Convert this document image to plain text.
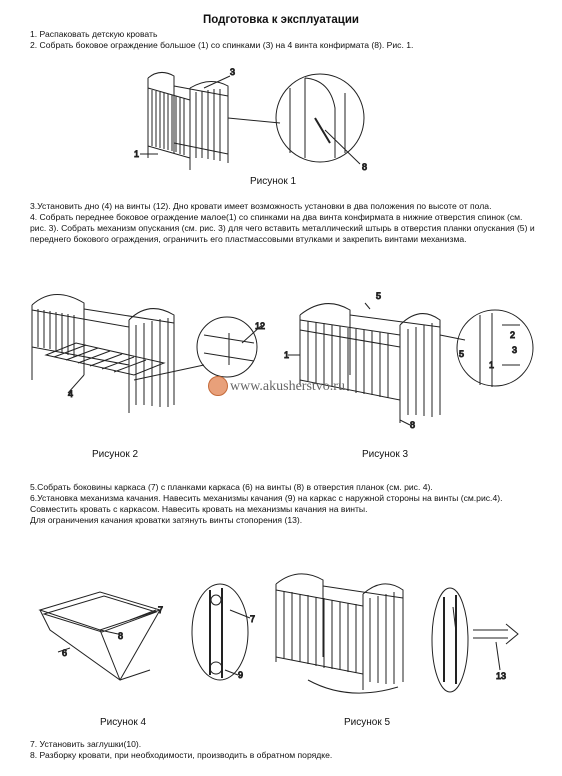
Подготовка к эксплуатации

1. Распаковать детскую кровать

2. Собрать боковое ограждение большое (1) со спинками (3) на 4 винта конфирмата (8). Рис. 1.

3
1
8
Рисунок 1

3.Установить дно (4) на винты (12). Дно кровати имеет возможность установки в два положения по высоте от пола.

4. Собрать переднее боковое ограждение малое(1) со спинками на два винта конфирмата в нижние отверстия спинок (см. рис. 3). Собрать механизм опускания (см. рис. 3) для чего вставить металлический штырь в отверстия планки опускания (5) и переднего бокового ограждения, ограничить его пластмассовыми втулками и закрепить винтами механизма.

12
4
Рисунок 2
5
1
2
5	3
1
8
Рисунок 3
www.akusherstvo.ru

5.Собрать боковины каркаса (7) с планками каркаса (6) на винты (8) в отверстия планок (см. рис. 4).

6.Установка механизма качания. Навесить механизмы качания (9) на каркас с наружной стороны на винты (см.рис.4). Совместить кровать с каркасом. Навесить кровать на механизмы качания на винты.

Для ограничения качания кроватки затянуть винты стопорения (13).

7
8
6
7
9
Рисунок 4
13
Рисунок 5

7. Установить заглушки(10).

8. Разборку кровати, при необходимости, производить в обратном порядке.
